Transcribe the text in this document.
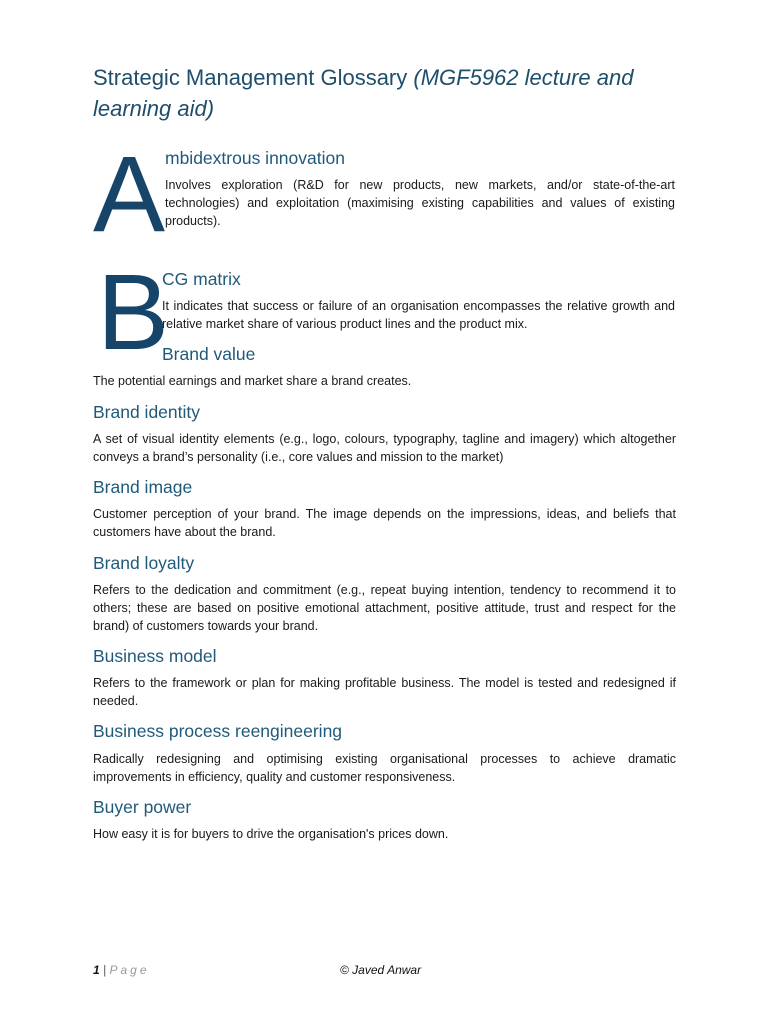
Strategic Management Glossary (MGF5962 lecture and learning aid)
A mbidextrous innovation
Involves exploration (R&D for new products, new markets, and/or state-of-the-art technologies) and exploitation (maximising existing capabilities and values of existing products).
B
CG matrix
It indicates that success or failure of an organisation encompasses the relative growth and relative market share of various product lines and the product mix.
Brand value
The potential earnings and market share a brand creates.
Brand identity
A set of visual identity elements (e.g., logo, colours, typography, tagline and imagery) which altogether conveys a brand’s personality (i.e., core values and mission to the market)
Brand image
Customer perception of your brand. The image depends on the impressions, ideas, and beliefs that customers have about the brand.
Brand loyalty
Refers to the dedication and commitment (e.g., repeat buying intention, tendency to recommend it to others; these are based on positive emotional attachment, positive attitude, trust and respect for the brand) of customers towards your brand.
Business model
Refers to the framework or plan for making profitable business. The model is tested and redesigned if needed.
Business process reengineering
Radically redesigning and optimising existing organisational processes to achieve dramatic improvements in efficiency, quality and customer responsiveness.
Buyer power
How easy it is for buyers to drive the organisation's prices down.
1 | Page	© Javed Anwar
